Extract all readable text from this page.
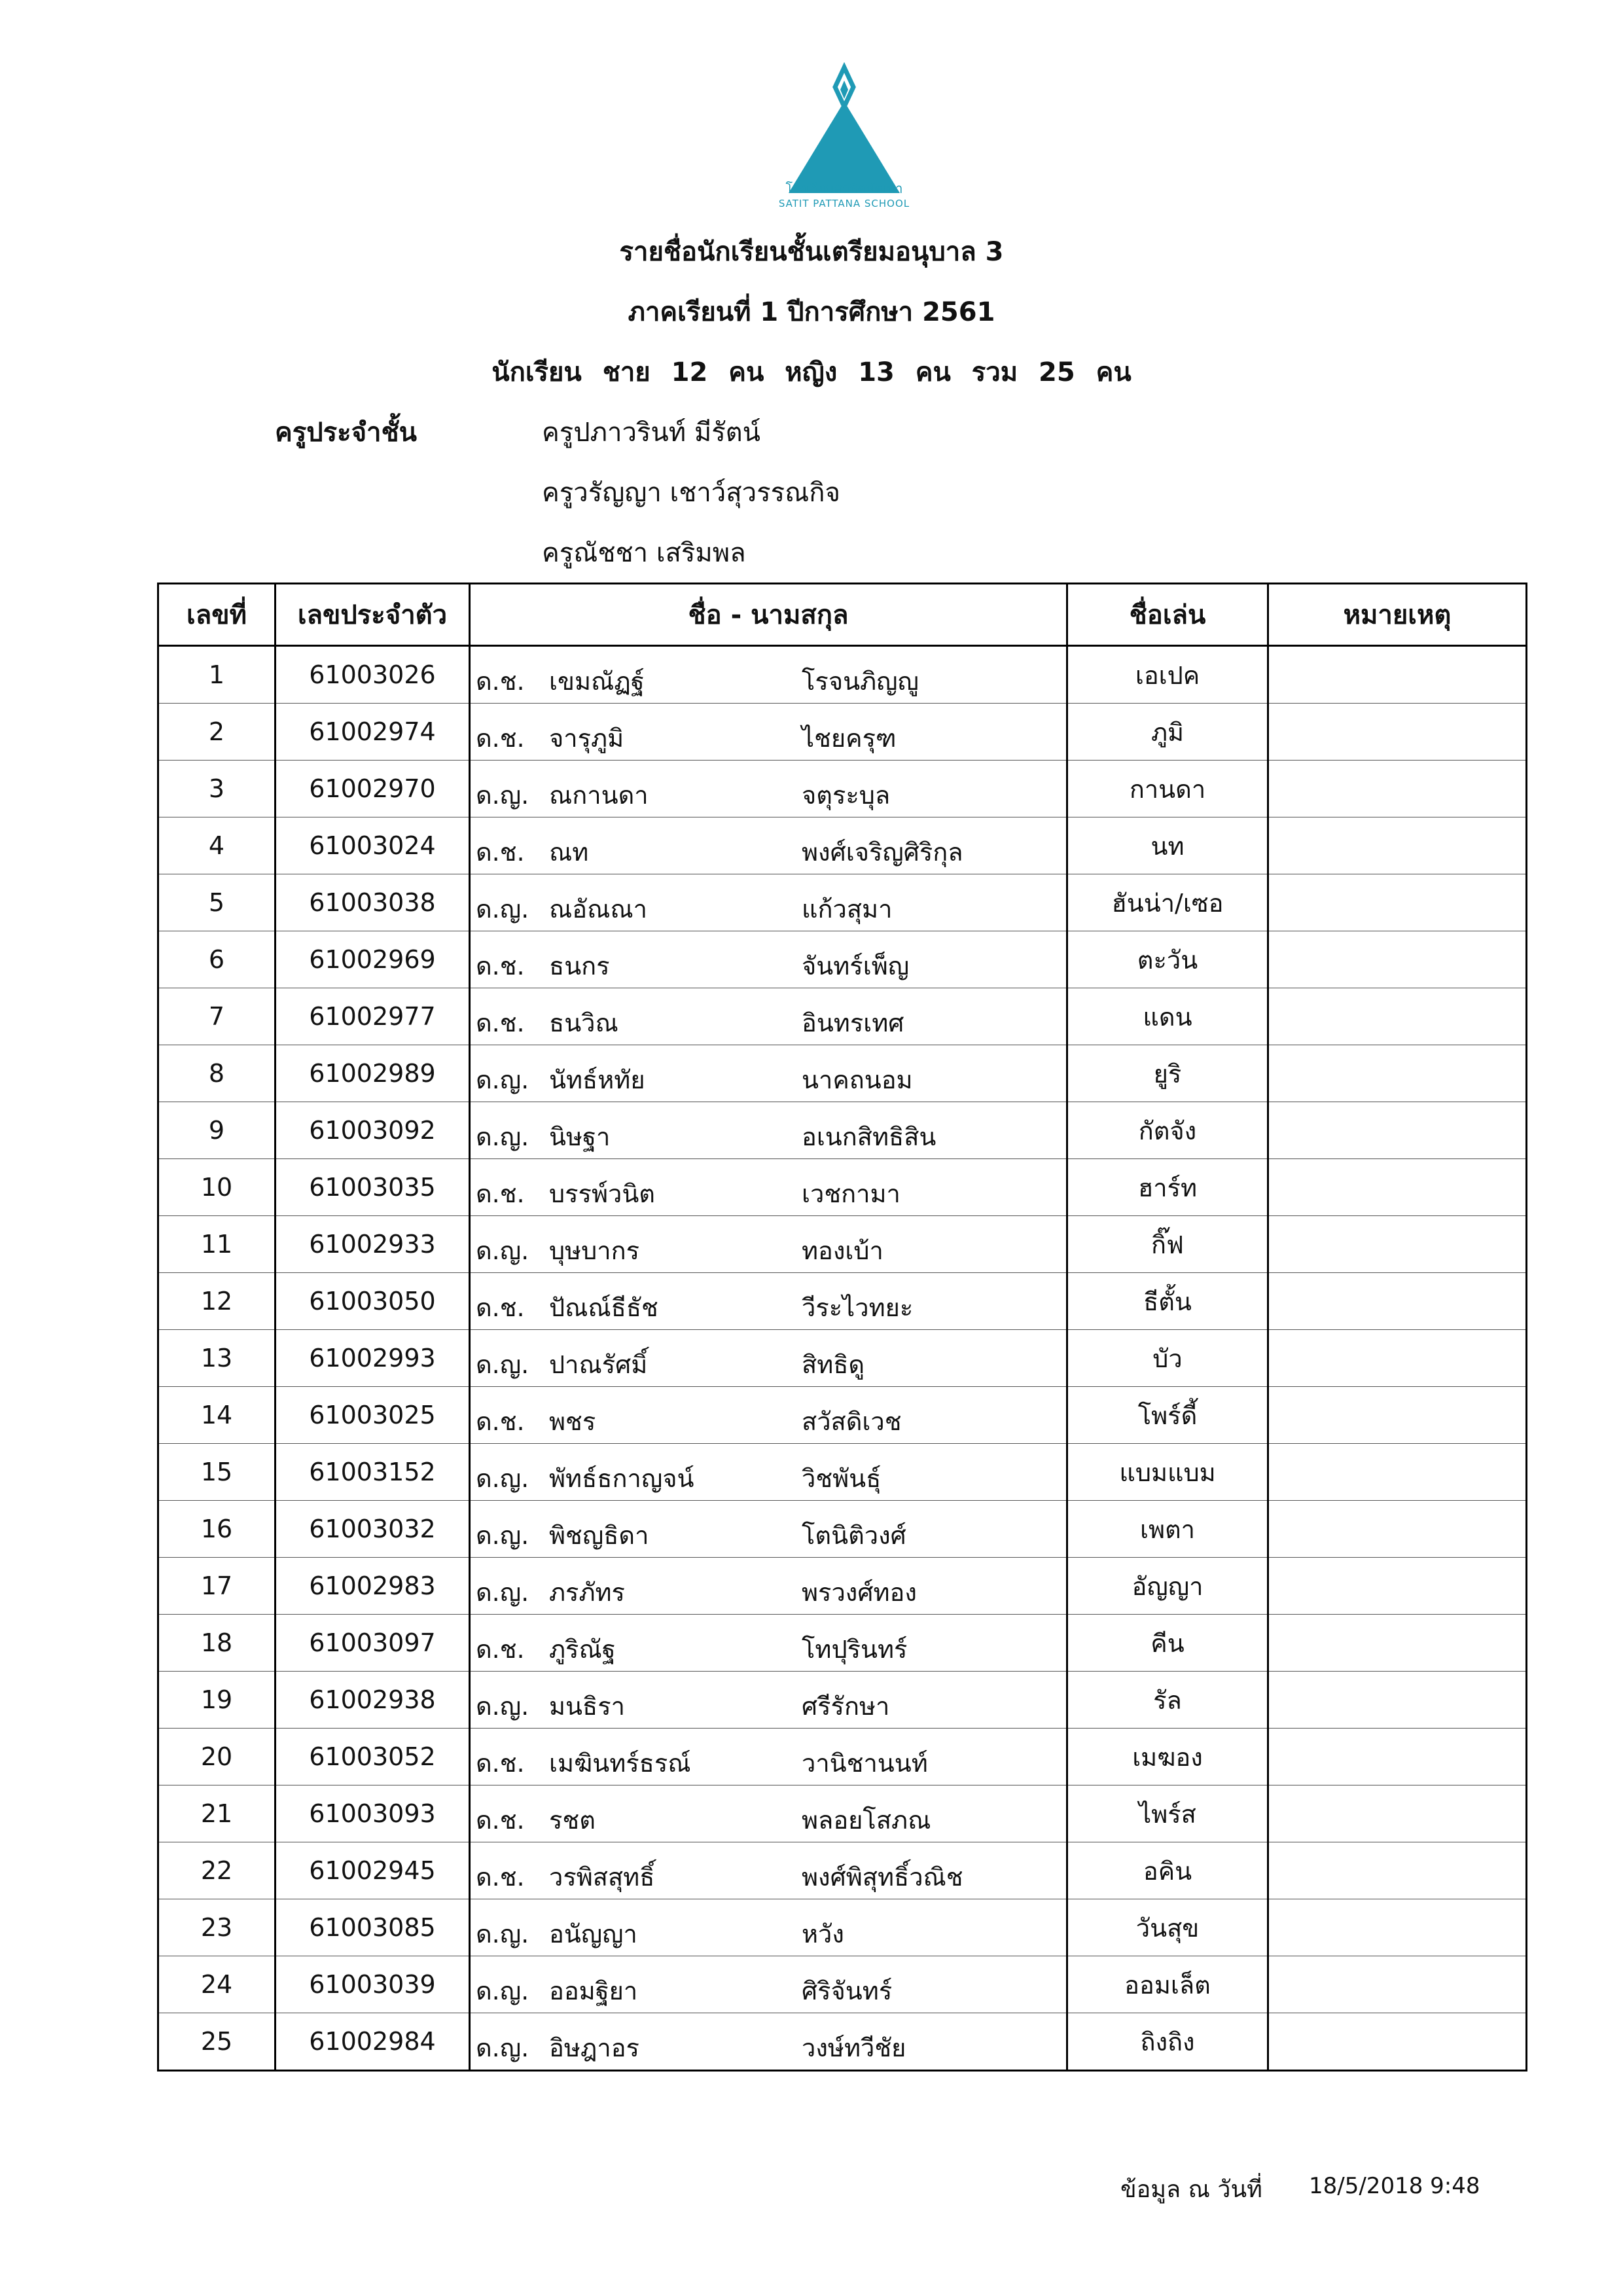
โรงเรียนสาธิตพัฒนา
SATIT PATTANA SCHOOL
รายชื่อนักเรียนชั้นเตรียมอนุบาล 3
ภาคเรียนที่ 1 ปีการศึกษา 2561
นักเรียน ชาย 12 คน หญิง 13 คน รวม 25 คน
ครูประจำชั้น	ครูปภาวรินท์ มีรัตน์
ครูวรัญญา เชาว์สุวรรณกิจ
ครูณัชชา เสริมพล
เลขที่	เลขประจำตัว	ชื่อ - นามสกุล	ชื่อเล่น	หมายเหตุ
1	61003026	ด.ช. เขมณัฏฐ์ โรจนภิญญู	เอเปค	
2	61002974	ด.ช. จารุภูมิ ไชยครุฑ	ภูมิ	
3	61002970	ด.ญ. ณกานดา จตุระบุล	กานดา	
4	61003024	ด.ช. ณท พงศ์เจริญศิริกุล	นท	
5	61003038	ด.ญ. ณอัณณา แก้วสุมา	ฮันน่า/เซอ	
6	61002969	ด.ช. ธนกร จันทร์เพ็ญ	ตะวัน	
7	61002977	ด.ช. ธนวิณ อินทรเทศ	แดน	
8	61002989	ด.ญ. นัทธ์หทัย นาคถนอม	ยูริ	
9	61003092	ด.ญ. นิษฐา อเนกสิทธิสิน	กัตจัง	
10	61003035	ด.ช. บรรพ์วนิต เวชกามา	ฮาร์ท	
11	61002933	ด.ญ. บุษบากร ทองเบ้า	กิ๊ฟ	
12	61003050	ด.ช. ปัณณ์ธีธัช วีระไวทยะ	ธีตั้น	
13	61002993	ด.ญ. ปาณรัศมิ์ สิทธิดู	บัว	
14	61003025	ด.ช. พชร สวัสดิเวช	โพร์ดี้	
15	61003152	ด.ญ. พัทธ์ธกาญจน์ วิชพันธุ์	แบมแบม	
16	61003032	ด.ญ. พิชญธิดา โตนิติวงศ์	เพตา	
17	61002983	ด.ญ. ภรภัทร พรวงศ์ทอง	อัญญา	
18	61003097	ด.ช. ภูริณัฐ โทปุรินทร์	คีน	
19	61002938	ด.ญ. มนธิรา ศรีรักษา	รัล	
20	61003052	ด.ช. เมฆินทร์ธรณ์ วานิชานนท์	เมฆอง	
21	61003093	ด.ช. รชต พลอยโสภณ	ไพร์ส	
22	61002945	ด.ช. วรพิสสุทธิ์ พงศ์พิสุทธิ์วณิช	อคิน	
23	61003085	ด.ญ. อนัญญา หวัง	วันสุข	
24	61003039	ด.ญ. ออมฐิยา ศิริจันทร์	ออมเล็ต	
25	61002984	ด.ญ. อิษฎาอร วงษ์ทวีชัย	ถิงถิง	
ข้อมูล ณ วันที่ 18/5/2018 9:48
